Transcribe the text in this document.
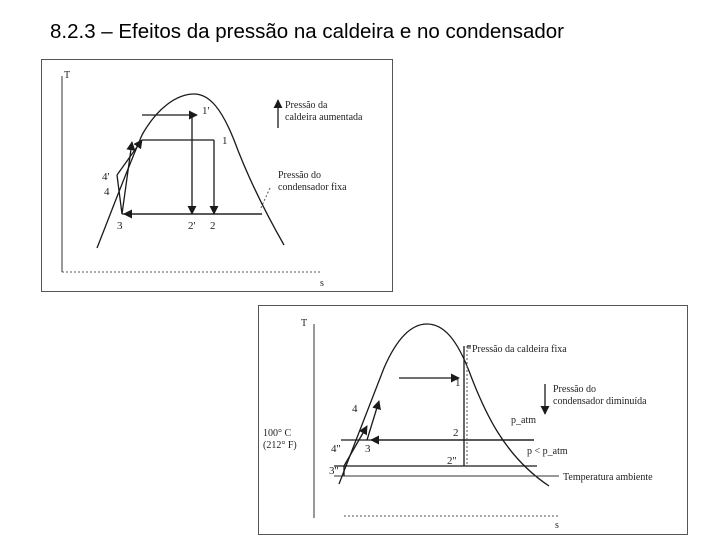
8.2.3 – Efeitos da pressão na caldeira e no condensador
T
s
1'
1
4'
4
3	2' 2
Pressão da
caldeira aumentada
Pressão do
condensador fixa
T
s
1
4
2
2''
4'' 3
3''
100° C
(212° F)
Pressão da caldeira fixa
p_atm
p < p_atm
Pressão do
condensador diminuída
Temperatura ambiente
